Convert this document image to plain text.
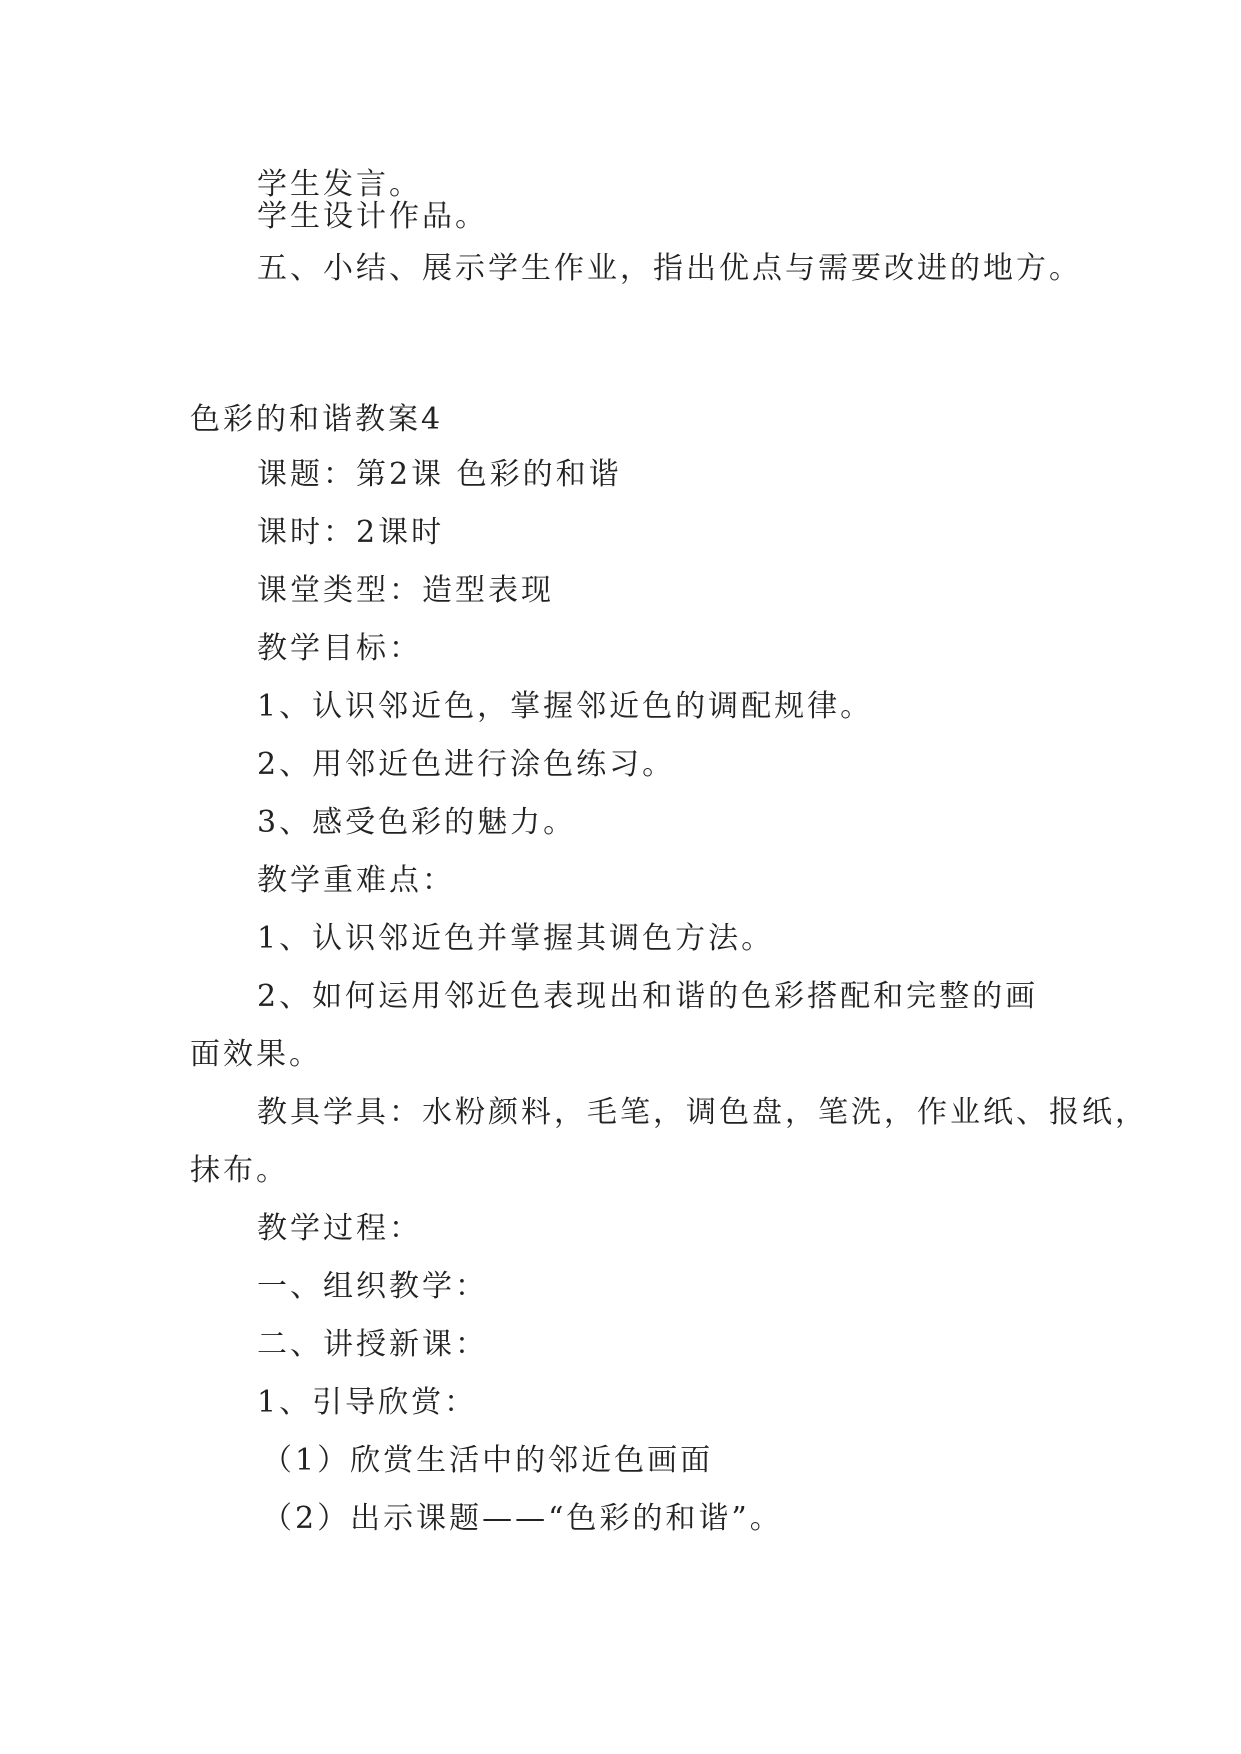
学生发言。
学生设计作品。
五、小结、展示学生作业，指出优点与需要改进的地方。
色彩的和谐教案4
课题：第2课 色彩的和谐
课时：2课时
课堂类型：造型表现
教学目标：
1、认识邻近色，掌握邻近色的调配规律。
2、用邻近色进行涂色练习。
3、感受色彩的魅力。
教学重难点：
1、认识邻近色并掌握其调色方法。
2、如何运用邻近色表现出和谐的色彩搭配和完整的画
面效果。
教具学具：水粉颜料，毛笔，调色盘，笔洗，作业纸、报纸，
抹布。
教学过程：
一、组织教学：
二、讲授新课：
1、引导欣赏：
（1）欣赏生活中的邻近色画面
（2）出示课题——“色彩的和谐”。
